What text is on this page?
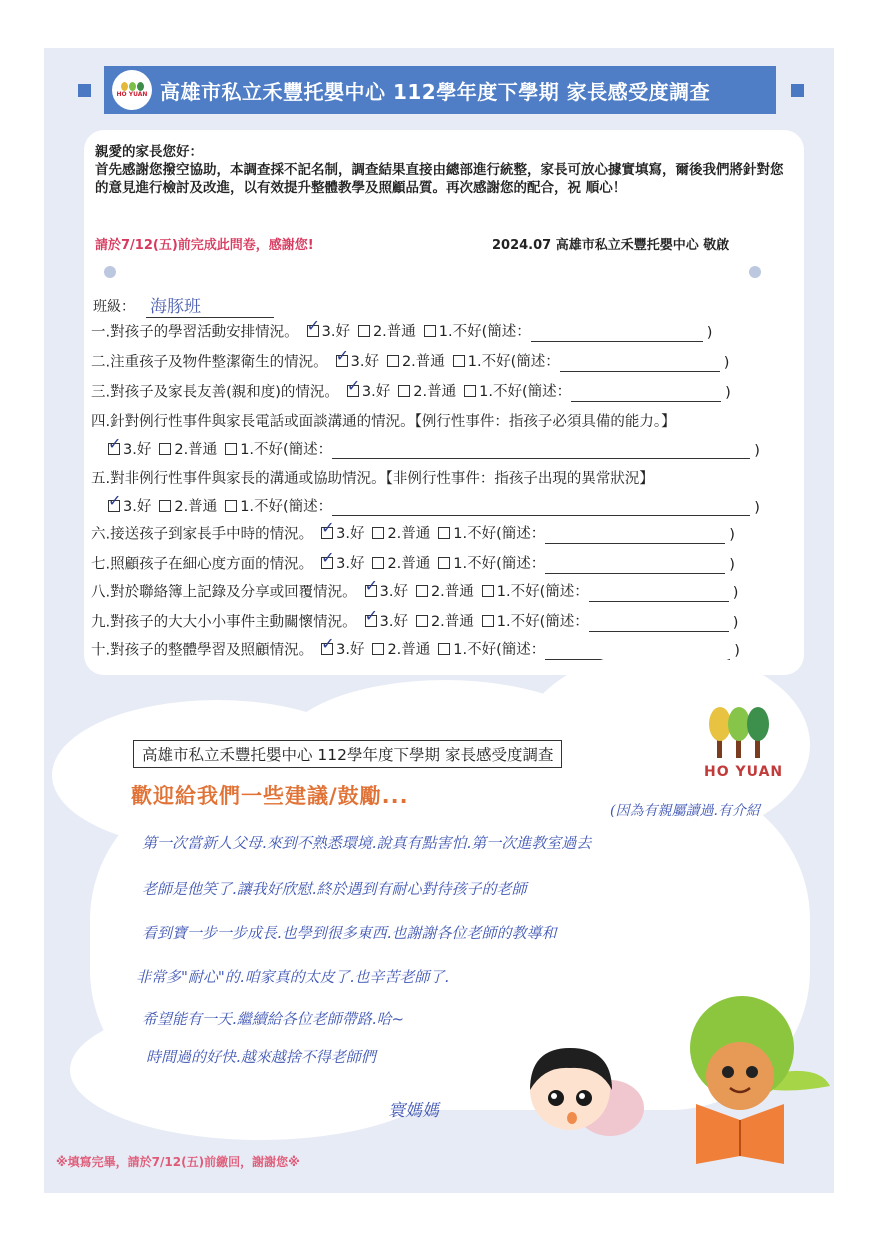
HO YUAN 高雄市私立禾豐托嬰中心 112學年度下學期 家長感受度調查
親愛的家長您好：
首先感謝您撥空協助，本調查採不記名制，調查結果直接由總部進行統整，家長可放心據實填寫，爾後我們將針對您的意見進行檢討及改進，以有效提升整體教學及照顧品質。再次感謝您的配合，祝 順心！
請於7/12(五)前完成此問卷，感謝您!	2024.07 高雄市私立禾豐托嬰中心 敬啟
班級： 海豚班
一.對孩子的學習活動安排情況。 ✓ 3.好 2.普通 1.不好(簡述：	)
二.注重孩子及物件整潔衛生的情況。 ✓ 3.好 2.普通 1.不好(簡述：	)
三.對孩子及家長友善(親和度)的情況。 ✓ 3.好 2.普通 1.不好(簡述：	)
四.針對例行性事件與家長電話或面談溝通的情況。【例行性事件：指孩子必須具備的能力。】
✓
3.好 2.普通 1.不好(簡述：	)
五.對非例行性事件與家長的溝通或協助情況。【非例行性事件：指孩子出現的異常狀況】
✓
3.好 2.普通 1.不好(簡述：	)
六.接送孩子到家長手中時的情況。 ✓ 3.好 2.普通 1.不好(簡述：	)
七.照顧孩子在細心度方面的情況。 ✓ 3.好 2.普通 1.不好(簡述：	)
八.對於聯絡簿上記錄及分享或回覆情況。 ✓ 3.好 2.普通 1.不好(簡述：	)
九.對孩子的大大小小事件主動關懷情況。 ✓ 3.好 2.普通 1.不好(簡述：	)
十.對孩子的整體學習及照顧情況。 ✓ 3.好 2.普通 1.不好(簡述：	)
高雄市私立禾豐托嬰中心 112學年度下學期 家長感受度調查
歡迎給我們一些建議/鼓勵...
HO YUAN
(因為有親屬讀過.有介紹
第一次當新人父母.來到不熟悉環境.說真有點害怕.第一次進教室過去
老師是他笑了.讓我好欣慰.終於遇到有耐心對待孩子的老師
看到寶一步一步成長.也學到很多東西.也謝謝各位老師的教導和
非常多"耐心"的.咱家真的太皮了.也辛苦老師了.
希望能有一天.繼續給各位老師帶路.哈~
時間過的好快.越來越捨不得老師們
寰媽媽
※填寫完畢，請於7/12(五)前繳回，謝謝您※
